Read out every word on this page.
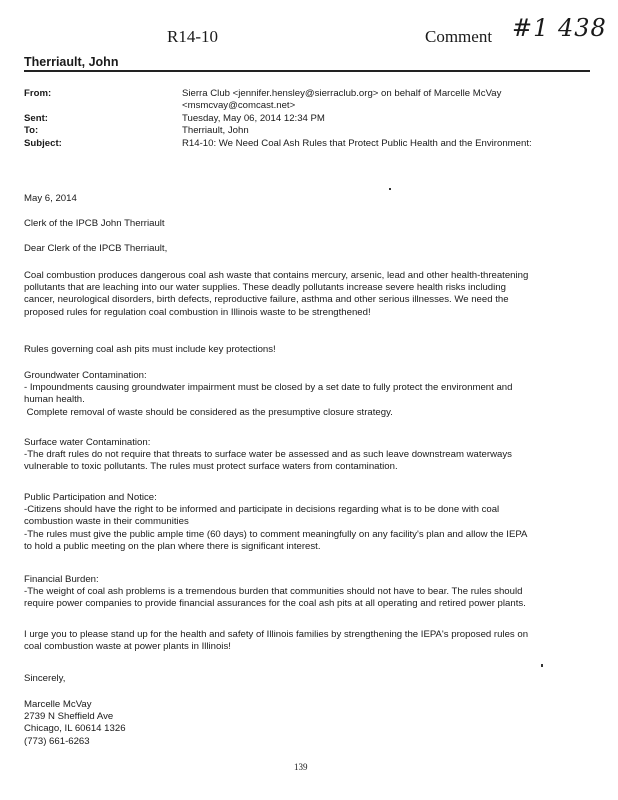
R14-10	Comment #1 438
Therriault, John
From:	Sierra Club <jennifer.hensley@sierraclub.org> on behalf of Marcelle McVay
<msmcvay@comcast.net>
Sent:	Tuesday, May 06, 2014 12:34 PM
To:	Therriault, John
Subject:	R14-10: We Need Coal Ash Rules that Protect Public Health and the Environment:
May 6, 2014
Clerk of the IPCB John Therriault
Dear Clerk of the IPCB Therriault,

Coal combustion produces dangerous coal ash waste that contains mercury, arsenic, lead and other health-threatening

pollutants that are leaching into our water supplies. These deadly pollutants increase severe health risks including

cancer, neurological disorders, birth defects, reproductive failure, asthma and other serious illnesses. We need the

proposed rules for regulation coal combustion in Illinois waste to be strengthened!

Rules governing coal ash pits must include key protections!

Groundwater Contamination:

- Impoundments causing groundwater impairment must be closed by a set date to fully protect the environment and

human health.

Complete removal of waste should be considered as the presumptive closure strategy.

Surface water Contamination:

-The draft rules do not require that threats to surface water be assessed and as such leave downstream waterways

vulnerable to toxic pollutants. The rules must protect surface waters from contamination.

Public Participation and Notice:

-Citizens should have the right to be informed and participate in decisions regarding what is to be done with coal

combustion waste in their communities

-The rules must give the public ample time (60 days) to comment meaningfully on any facility's plan and allow the IEPA

to hold a public meeting on the plan where there is significant interest.

Financial Burden:

-The weight of coal ash problems is a tremendous burden that communities should not have to bear. The rules should

require power companies to provide financial assurances for the coal ash pits at all operating and retired power plants.

I urge you to please stand up for the health and safety of Illinois families by strengthening the IEPA's proposed rules on

coal combustion waste at power plants in Illinois!

Sincerely,

Marcelle McVay

2739 N Sheffield Ave

Chicago, IL 60614 1326

(773) 661-6263

139
